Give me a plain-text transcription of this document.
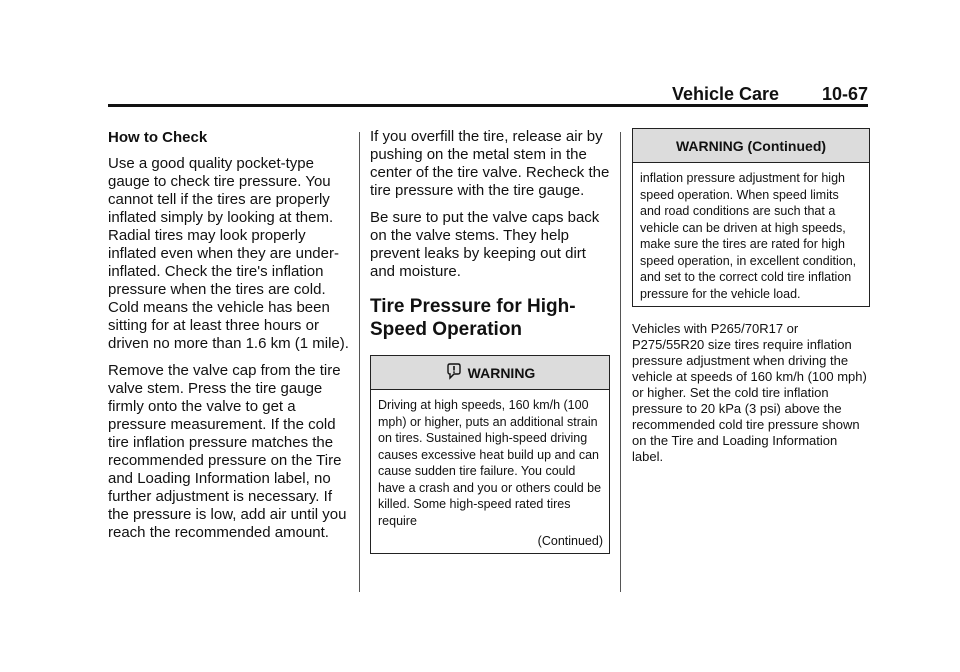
Vehicle Care 10-67
How to Check

Use a good quality pocket-type gauge to check tire pressure. You cannot tell if the tires are properly inflated simply by looking at them. Radial tires may look properly inflated even when they are under-inflated. Check the tire's inflation pressure when the tires are cold. Cold means the vehicle has been sitting for at least three hours or driven no more than 1.6 km (1 mile).

Remove the valve cap from the tire valve stem. Press the tire gauge firmly onto the valve to get a pressure measurement. If the cold tire inflation pressure matches the recommended pressure on the Tire and Loading Information label, no further adjustment is necessary. If the pressure is low, add air until you reach the recommended amount.

If you overfill the tire, release air by pushing on the metal stem in the center of the tire valve. Recheck the tire pressure with the tire gauge.

Be sure to put the valve caps back on the valve stems. They help prevent leaks by keeping out dirt and moisture.

Tire Pressure for High-Speed Operation
WARNING
Driving at high speeds, 160 km/h (100 mph) or higher, puts an additional strain on tires. Sustained high-speed driving causes excessive heat build up and can cause sudden tire failure. You could have a crash and you or others could be killed. Some high-speed rated tires require
(Continued)
WARNING (Continued)
inflation pressure adjustment for high speed operation. When speed limits and road conditions are such that a vehicle can be driven at high speeds, make sure the tires are rated for high speed operation, in excellent condition, and set to the correct cold tire inflation pressure for the vehicle load.

Vehicles with P265/70R17 or P275/55R20 size tires require inflation pressure adjustment when driving the vehicle at speeds of 160 km/h (100 mph) or higher. Set the cold tire inflation pressure to 20 kPa (3 psi) above the recommended cold tire pressure shown on the Tire and Loading Information label.
